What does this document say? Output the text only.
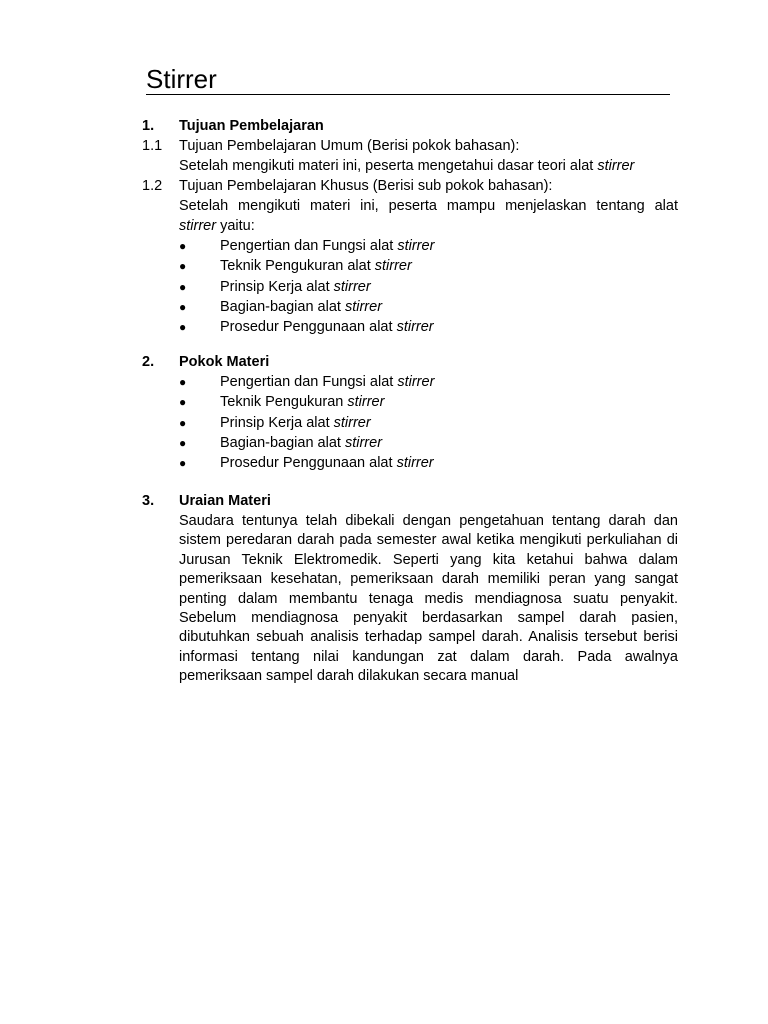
Stirrer
1. Tujuan Pembelajaran
1.1 Tujuan Pembelajaran Umum (Berisi pokok bahasan):
Setelah mengikuti materi ini, peserta mengetahui dasar teori alat stirrer
1.2 Tujuan Pembelajaran Khusus (Berisi sub pokok bahasan):
Setelah mengikuti materi ini, peserta mampu menjelaskan tentang alat
stirrer yaitu:
● Pengertian dan Fungsi alat stirrer
● Teknik Pengukuran alat stirrer
● Prinsip Kerja alat stirrer
● Bagian-bagian alat stirrer
● Prosedur Penggunaan alat stirrer
2. Pokok Materi
● Pengertian dan Fungsi alat stirrer
● Teknik Pengukuran stirrer
● Prinsip Kerja alat stirrer
● Bagian-bagian alat stirrer
● Prosedur Penggunaan alat stirrer
3. Uraian Materi
Saudara tentunya telah dibekali dengan pengetahuan tentang darah dan sistem peredaran darah pada semester awal ketika mengikuti perkuliahan di Jurusan Teknik Elektromedik. Seperti yang kita ketahui bahwa dalam pemeriksaan kesehatan, pemeriksaan darah memiliki peran yang sangat penting dalam membantu tenaga medis mendiagnosa suatu penyakit. Sebelum mendiagnosa penyakit berdasarkan sampel darah pasien, dibutuhkan sebuah analisis terhadap sampel darah. Analisis tersebut berisi informasi tentang nilai kandungan zat dalam darah. Pada awalnya pemeriksaan sampel darah dilakukan secara manual
